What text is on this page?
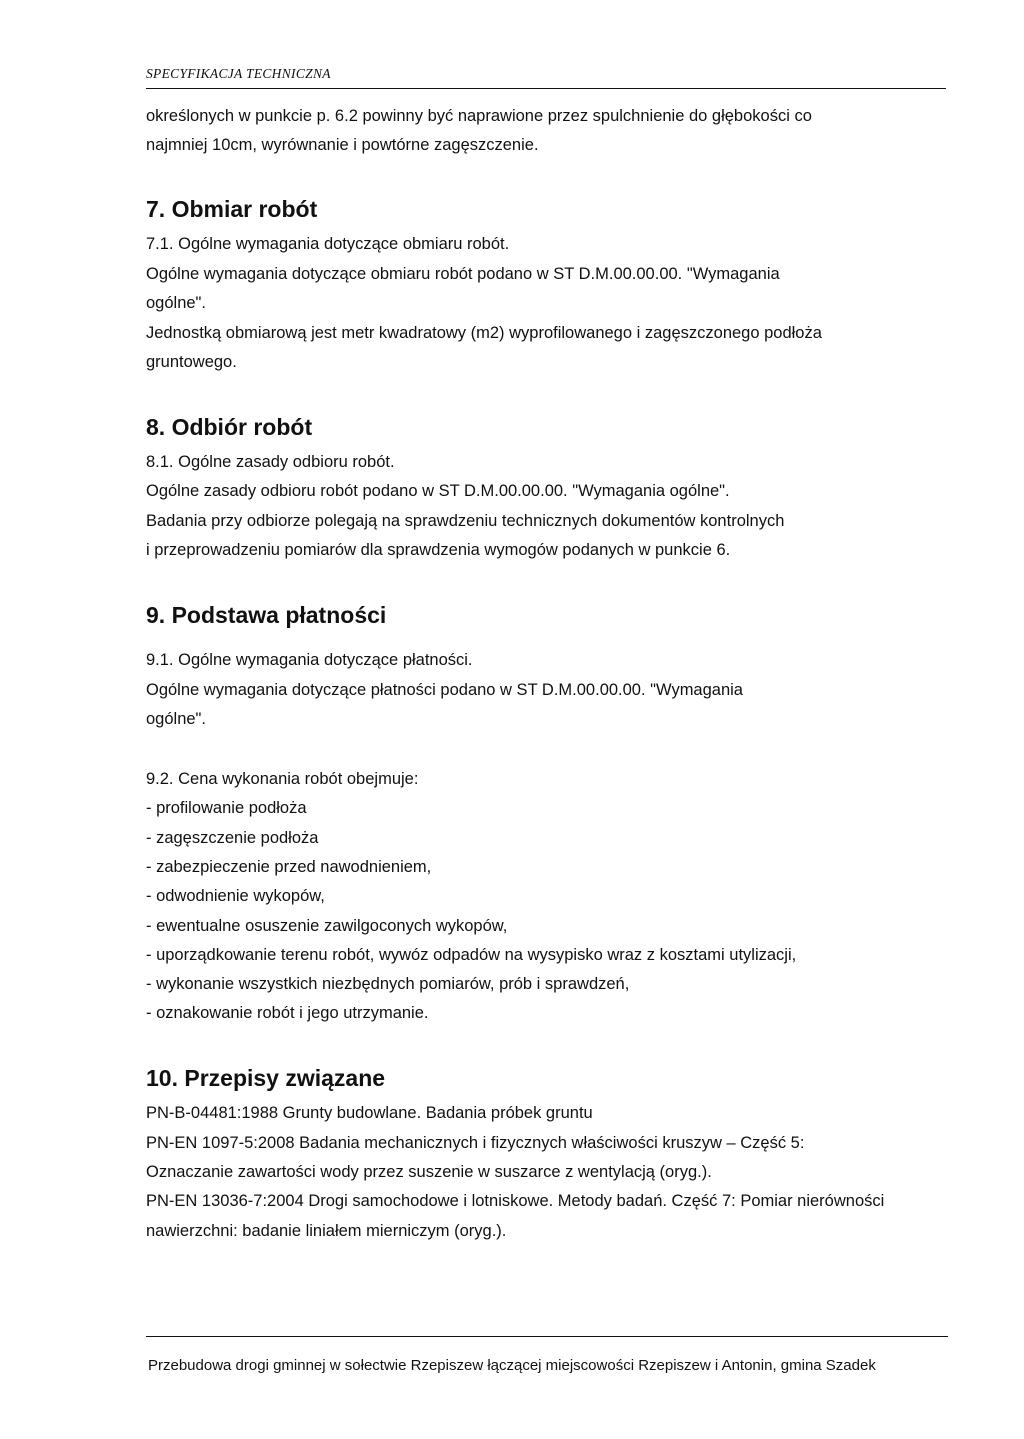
SPECYFIKACJA TECHNICZNA
określonych w punkcie p. 6.2 powinny być naprawione przez spulchnienie do głębokości co
najmniej 10cm, wyrównanie i powtórne zagęszczenie.
7. Obmiar robót
7.1. Ogólne wymagania dotyczące obmiaru robót.
Ogólne wymagania dotyczące obmiaru robót podano w ST D.M.00.00.00. "Wymagania
ogólne".
Jednostką obmiarową jest metr kwadratowy (m2) wyprofilowanego i zagęszczonego podłoża
gruntowego.
8. Odbiór robót
8.1. Ogólne zasady odbioru robót.
Ogólne zasady odbioru robót podano w ST D.M.00.00.00. "Wymagania ogólne".
Badania przy odbiorze polegają na sprawdzeniu technicznych dokumentów kontrolnych
i przeprowadzeniu pomiarów dla sprawdzenia wymogów podanych w punkcie 6.
9. Podstawa płatności
9.1. Ogólne wymagania dotyczące płatności.
Ogólne wymagania dotyczące płatności podano w ST D.M.00.00.00. "Wymagania
ogólne".
9.2. Cena wykonania robót obejmuje:
- profilowanie podłoża
- zagęszczenie podłoża
- zabezpieczenie przed nawodnieniem,
- odwodnienie wykopów,
- ewentualne osuszenie zawilgoconych wykopów,
- uporządkowanie terenu robót, wywóz odpadów na wysypisko wraz z kosztami utylizacji,
- wykonanie wszystkich niezbędnych pomiarów, prób i sprawdzeń,
- oznakowanie robót i jego utrzymanie.
10. Przepisy związane
PN-B-04481:1988 Grunty budowlane. Badania próbek gruntu
PN-EN 1097-5:2008 Badania mechanicznych i fizycznych właściwości kruszyw – Część 5:
Oznaczanie zawartości wody przez suszenie w suszarce z wentylacją (oryg.).
PN-EN 13036-7:2004 Drogi samochodowe i lotniskowe. Metody badań. Część 7: Pomiar nierówności
nawierzchni: badanie liniałem mierniczym (oryg.).
Przebudowa drogi gminnej w sołectwie Rzepiszew łączącej miejscowości Rzepiszew i Antonin, gmina Szadek
